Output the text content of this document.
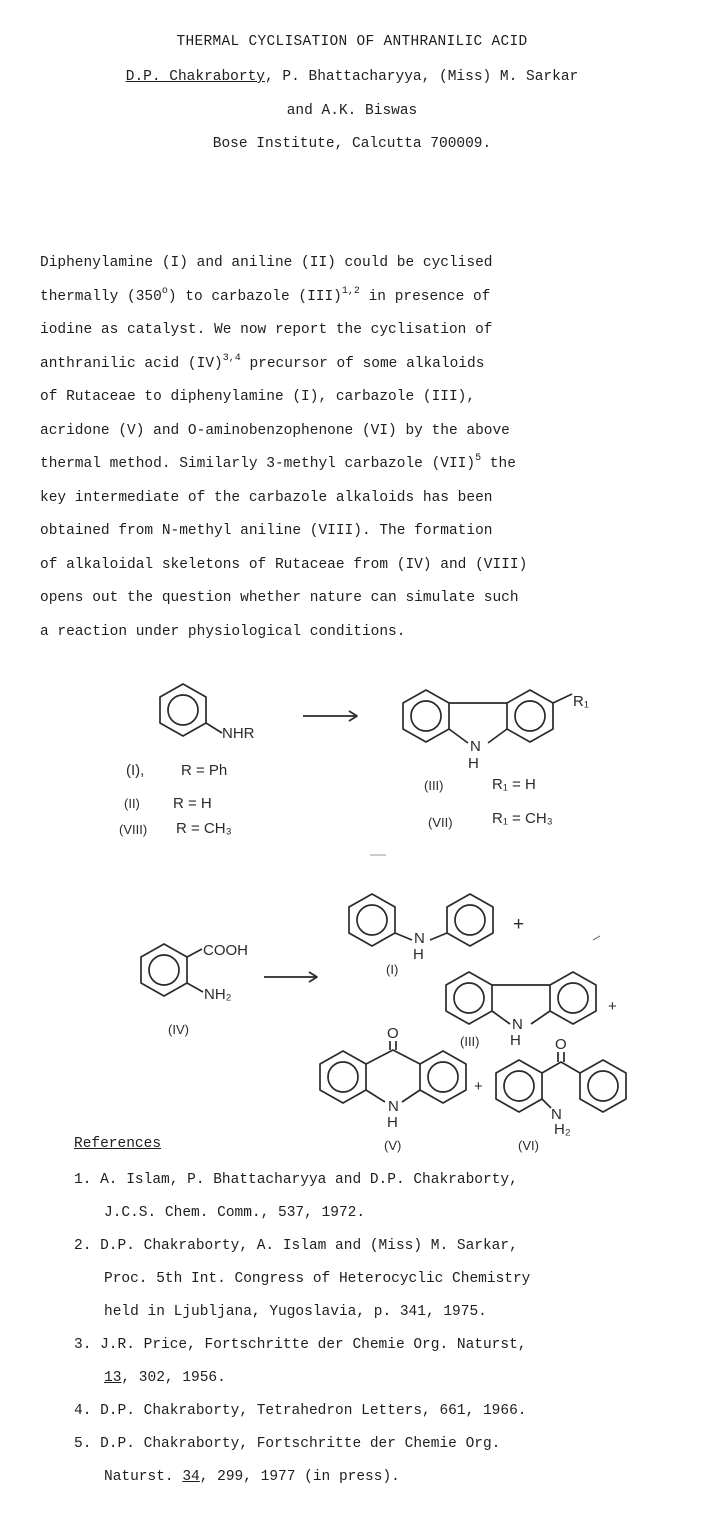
THERMAL CYCLISATION OF ANTHRANILIC ACID
D.P. Chakraborty, P. Bhattacharyya, (Miss) M. Sarkar
and A.K. Biswas
Bose Institute, Calcutta 700009.
Diphenylamine (I) and aniline (II) could be cyclised
thermally (350$^o$) to carbazole (III)$^{1,2}$ in presence of
iodine as catalyst. We now report the cyclisation of
anthranilic acid (IV)$^{3,4}$ precursor of some alkaloids
of Rutaceae to diphenylamine (I), carbazole (III),
acridone (V) and O-aminobenzophenone (VI) by the above
thermal method. Similarly 3-methyl carbazole (VII)$^5$ the
key intermediate of the carbazole alkaloids has been
obtained from N-methyl aniline (VIII). The formation
of alkaloidal skeletons of Rutaceae from (IV) and (VIII)
opens out the question whether nature can simulate such
a reaction under physiological conditions.
NHR
R₁
N
H
(I), R = Ph
(II) R = H
(VIII) R = CH₃
(III)	R₁ = H
(VII)	R₁ = CH₃
COOH
NH₂
(IV)
N
H
(I)
+
N
H
(III)
+
O
N
H
(V)
+
O
N
H₂
(VI)
References
1. A. Islam, P. Bhattacharyya and D.P. Chakraborty,
J.C.S. Chem. Comm., 537, 1972.
2. D.P. Chakraborty, A. Islam and (Miss) M. Sarkar,
Proc. 5th Int. Congress of Heterocyclic Chemistry
held in Ljubljana, Yugoslavia, p. 341, 1975.
3. J.R. Price, Fortschritte der Chemie Org. Naturst,
13, 302, 1956.
4. D.P. Chakraborty, Tetrahedron Letters, 661, 1966.
5. D.P. Chakraborty, Fortschritte der Chemie Org.
Naturst. 34, 299, 1977 (in press).
